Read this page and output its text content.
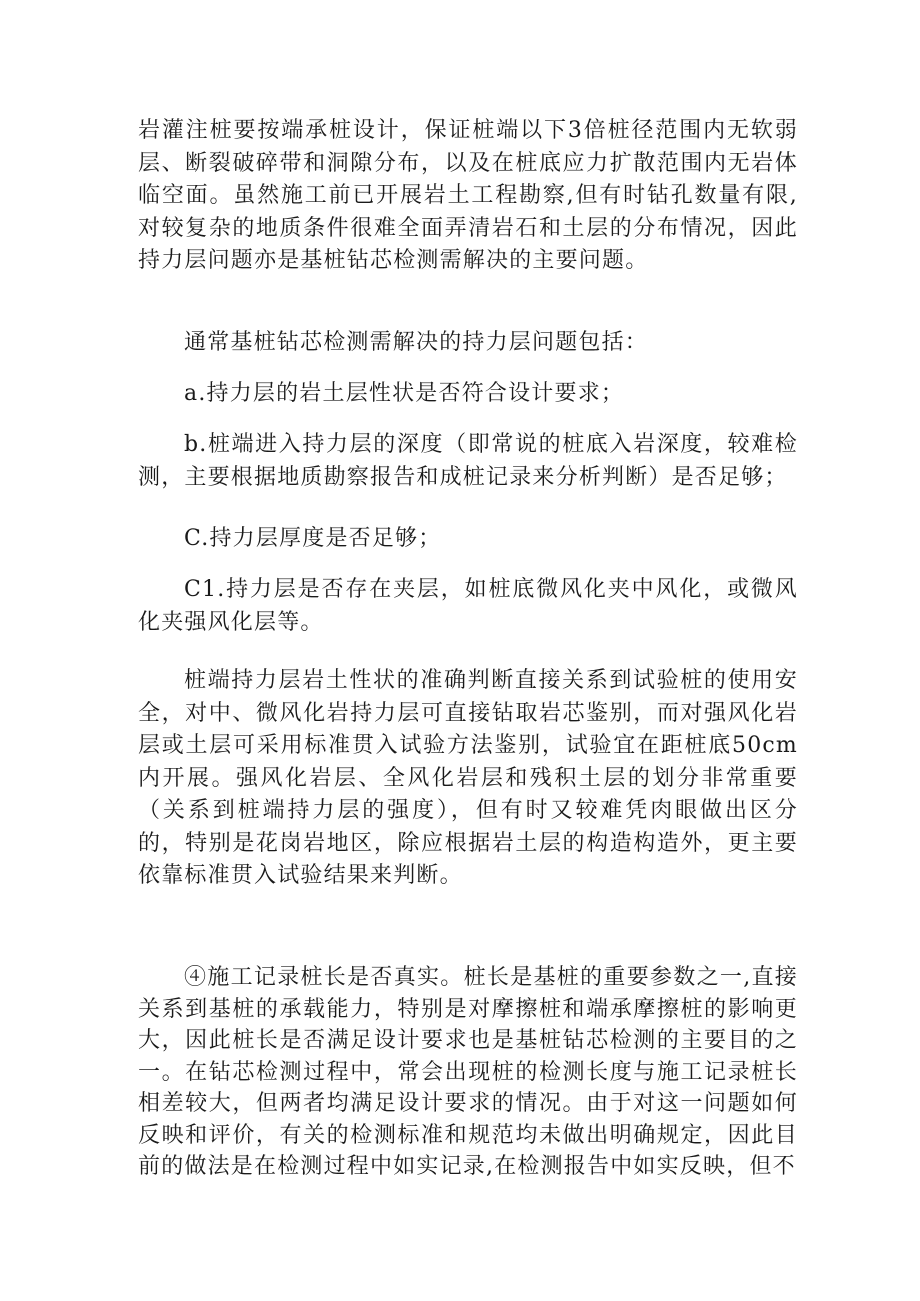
岩灌注桩要按端承桩设计，保证桩端以下3倍桩径范围内无软弱层、断裂破碎带和洞隙分布，以及在桩底应力扩散范围内无岩体临空面。虽然施工前已开展岩土工程勘察,但有时钻孔数量有限,对较复杂的地质条件很难全面弄清岩石和土层的分布情况，因此持力层问题亦是基桩钻芯检测需解决的主要问题。

通常基桩钻芯检测需解决的持力层问题包括：

a.持力层的岩土层性状是否符合设计要求；

b.桩端进入持力层的深度（即常说的桩底入岩深度，较难检测，主要根据地质勘察报告和成桩记录来分析判断）是否足够；

C.持力层厚度是否足够；

C1.持力层是否存在夹层，如桩底微风化夹中风化，或微风化夹强风化层等。

桩端持力层岩土性状的准确判断直接关系到试验桩的使用安全，对中、微风化岩持力层可直接钻取岩芯鉴别，而对强风化岩层或土层可采用标准贯入试验方法鉴别，试验宜在距桩底50cm内开展。强风化岩层、全风化岩层和残积土层的划分非常重要（关系到桩端持力层的强度），但有时又较难凭肉眼做出区分的，特别是花岗岩地区，除应根据岩土层的构造构造外，更主要依靠标准贯入试验结果来判断。

④施工记录桩长是否真实。桩长是基桩的重要参数之一,直接关系到基桩的承载能力，特别是对摩擦桩和端承摩擦桩的影响更大，因此桩长是否满足设计要求也是基桩钻芯检测的主要目的之一。在钻芯检测过程中，常会出现桩的检测长度与施工记录桩长相差较大，但两者均满足设计要求的情况。由于对这一问题如何反映和评价，有关的检测标准和规范均未做出明确规定，因此目前的做法是在检测过程中如实记录,在检测报告中如实反映，但不
